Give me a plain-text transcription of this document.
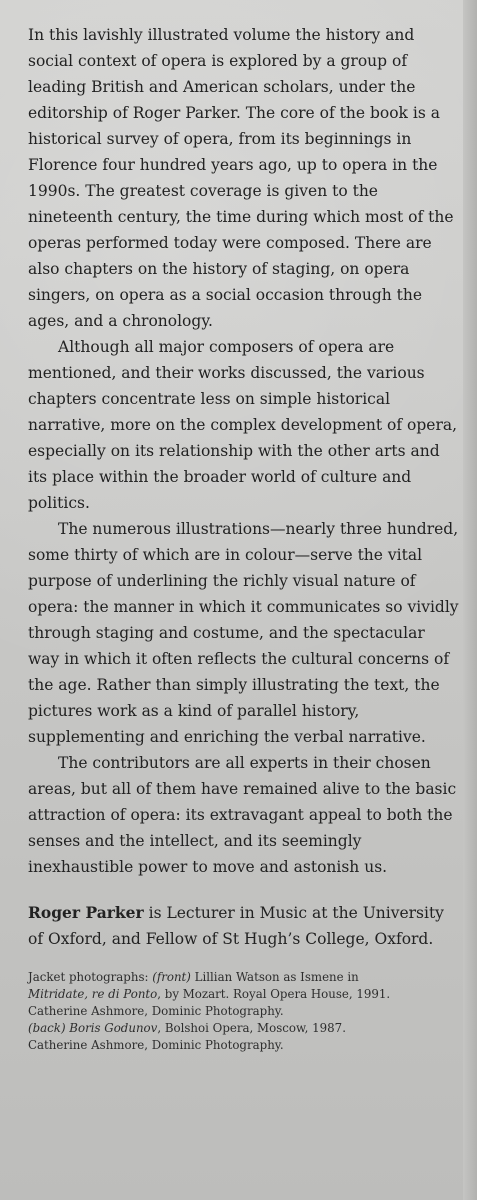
In this lavishly illustrated volume the history and social context of opera is explored by a group of leading British and American scholars, under the editorship of Roger Parker. The core of the book is a historical survey of opera, from its beginnings in Florence four hundred years ago, up to opera in the 1990s. The greatest coverage is given to the nineteenth century, the time during which most of the operas performed today were composed. There are also chapters on the history of staging, on opera singers, on opera as a social occasion through the ages, and a chronology.

Although all major composers of opera are mentioned, and their works discussed, the various chapters concentrate less on simple historical narrative, more on the complex development of opera, especially on its relationship with the other arts and its place within the broader world of culture and politics.

The numerous illustrations—nearly three hundred, some thirty of which are in colour—serve the vital purpose of underlining the richly visual nature of opera: the manner in which it communicates so vividly through staging and costume, and the spectacular way in which it often reflects the cultural concerns of the age. Rather than simply illustrating the text, the pictures work as a kind of parallel history, supplementing and enriching the verbal narrative.

The contributors are all experts in their chosen areas, but all of them have remained alive to the basic attraction of opera: its extravagant appeal to both the senses and the intellect, and its seemingly inexhaustible power to move and astonish us.

Roger Parker is Lecturer in Music at the University of Oxford, and Fellow of St Hugh’s College, Oxford.

Jacket photographs: (front) Lillian Watson as Ismene in
Mitridate, re di Ponto, by Mozart. Royal Opera House, 1991.
Catherine Ashmore, Dominic Photography.
(back) Boris Godunov, Bolshoi Opera, Moscow, 1987.
Catherine Ashmore, Dominic Photography.
